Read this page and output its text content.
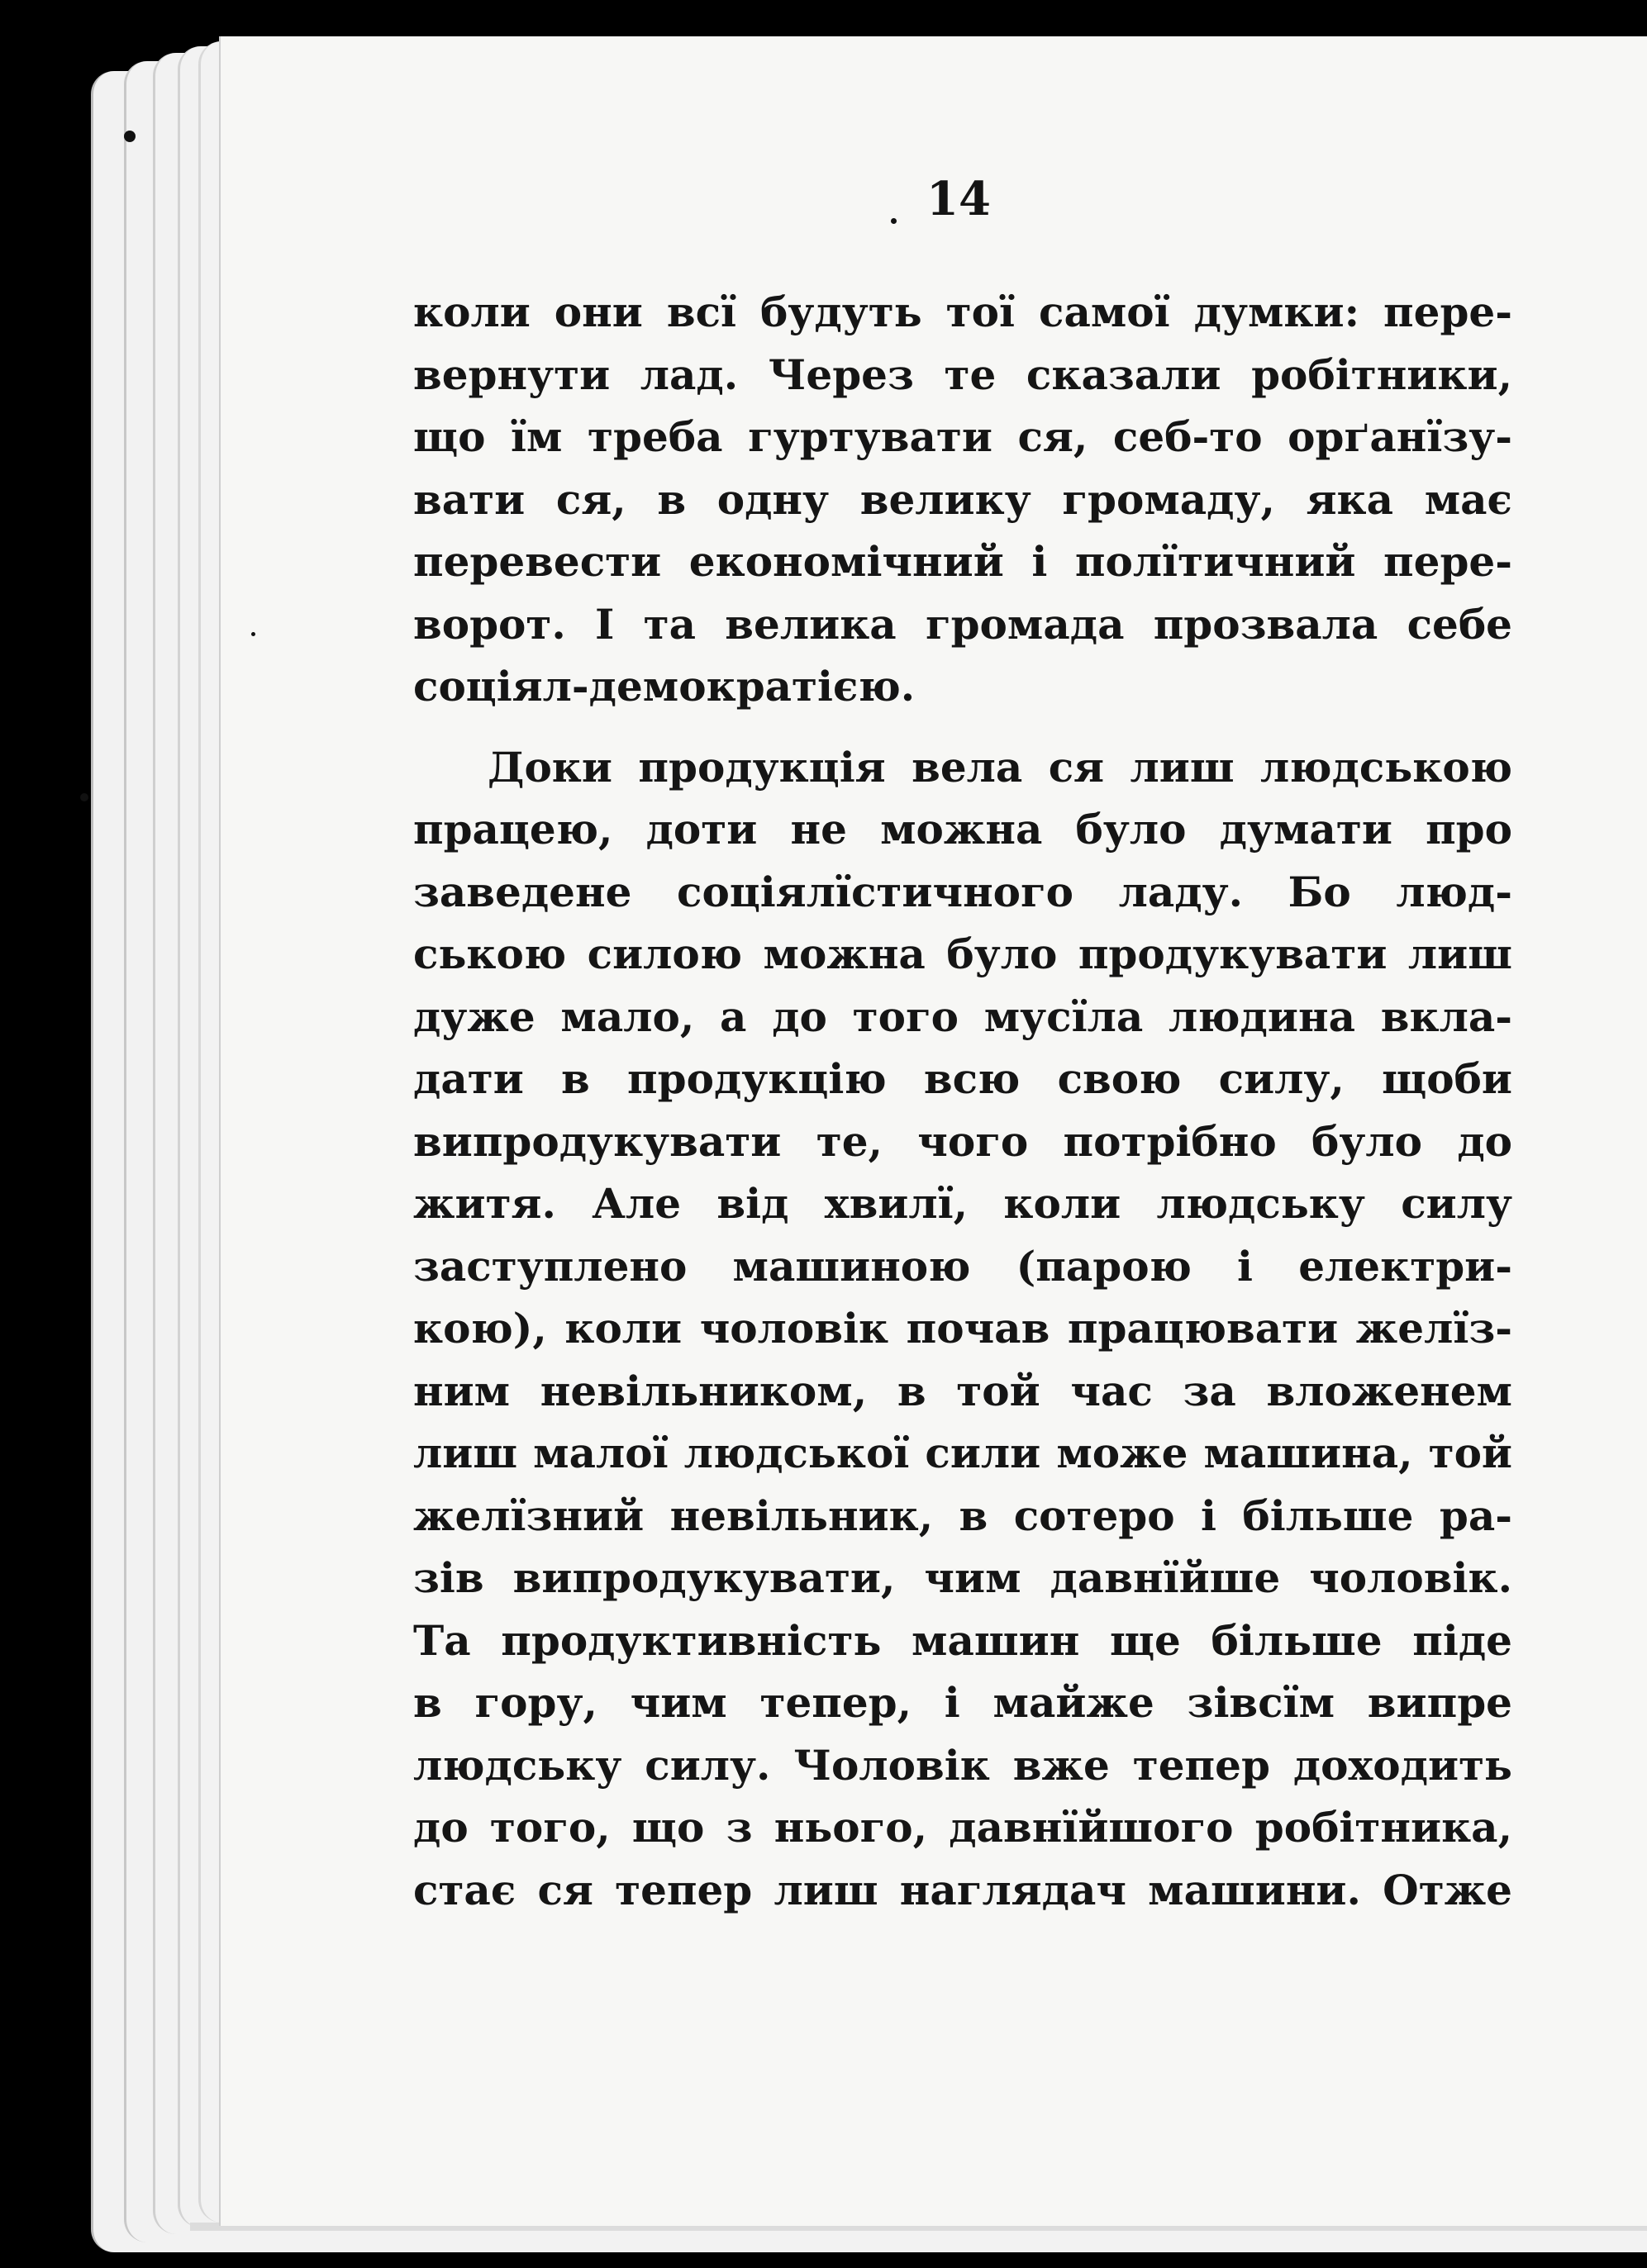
14
коли они всї будуть тої самої думки: пере-
вернути лад. Через те сказали робітники,
що їм треба гуртувати ся, себ-то орґанїзу-
вати ся, в одну велику громаду, яка має
перевести економічний і полїтичний пере-
ворот. І та велика громада прозвала себе
соціял-демократією.
Доки продукція вела ся лиш людською
працею, доти не можна було думати про
заведене соціялїстичного ладу. Бо люд-
ською силою можна було продукувати лиш
дуже мало, а до того мусїла людина вкла-
дати в продукцію всю свою силу, щоби
випродукувати те, чого потрібно було до
житя. Але від хвилї, коли людську силу
заступлено машиною (парою і електри-
кою), коли чоловік почав працювати желїз-
ним невільником, в той час за вложенем
лиш малої людської сили може машина, той
желїзний невільник, в сотеро і більше ра-
зів випродукувати, чим давнїйше чоловік.
Та продуктивність машин ще більше піде
в гору, чим тепер, і майже зівсїм випре
людську силу. Чоловік вже тепер доходить
до того, що з нього, давнїйшого робітника,
стає ся тепер лиш наглядач машини. Отже
